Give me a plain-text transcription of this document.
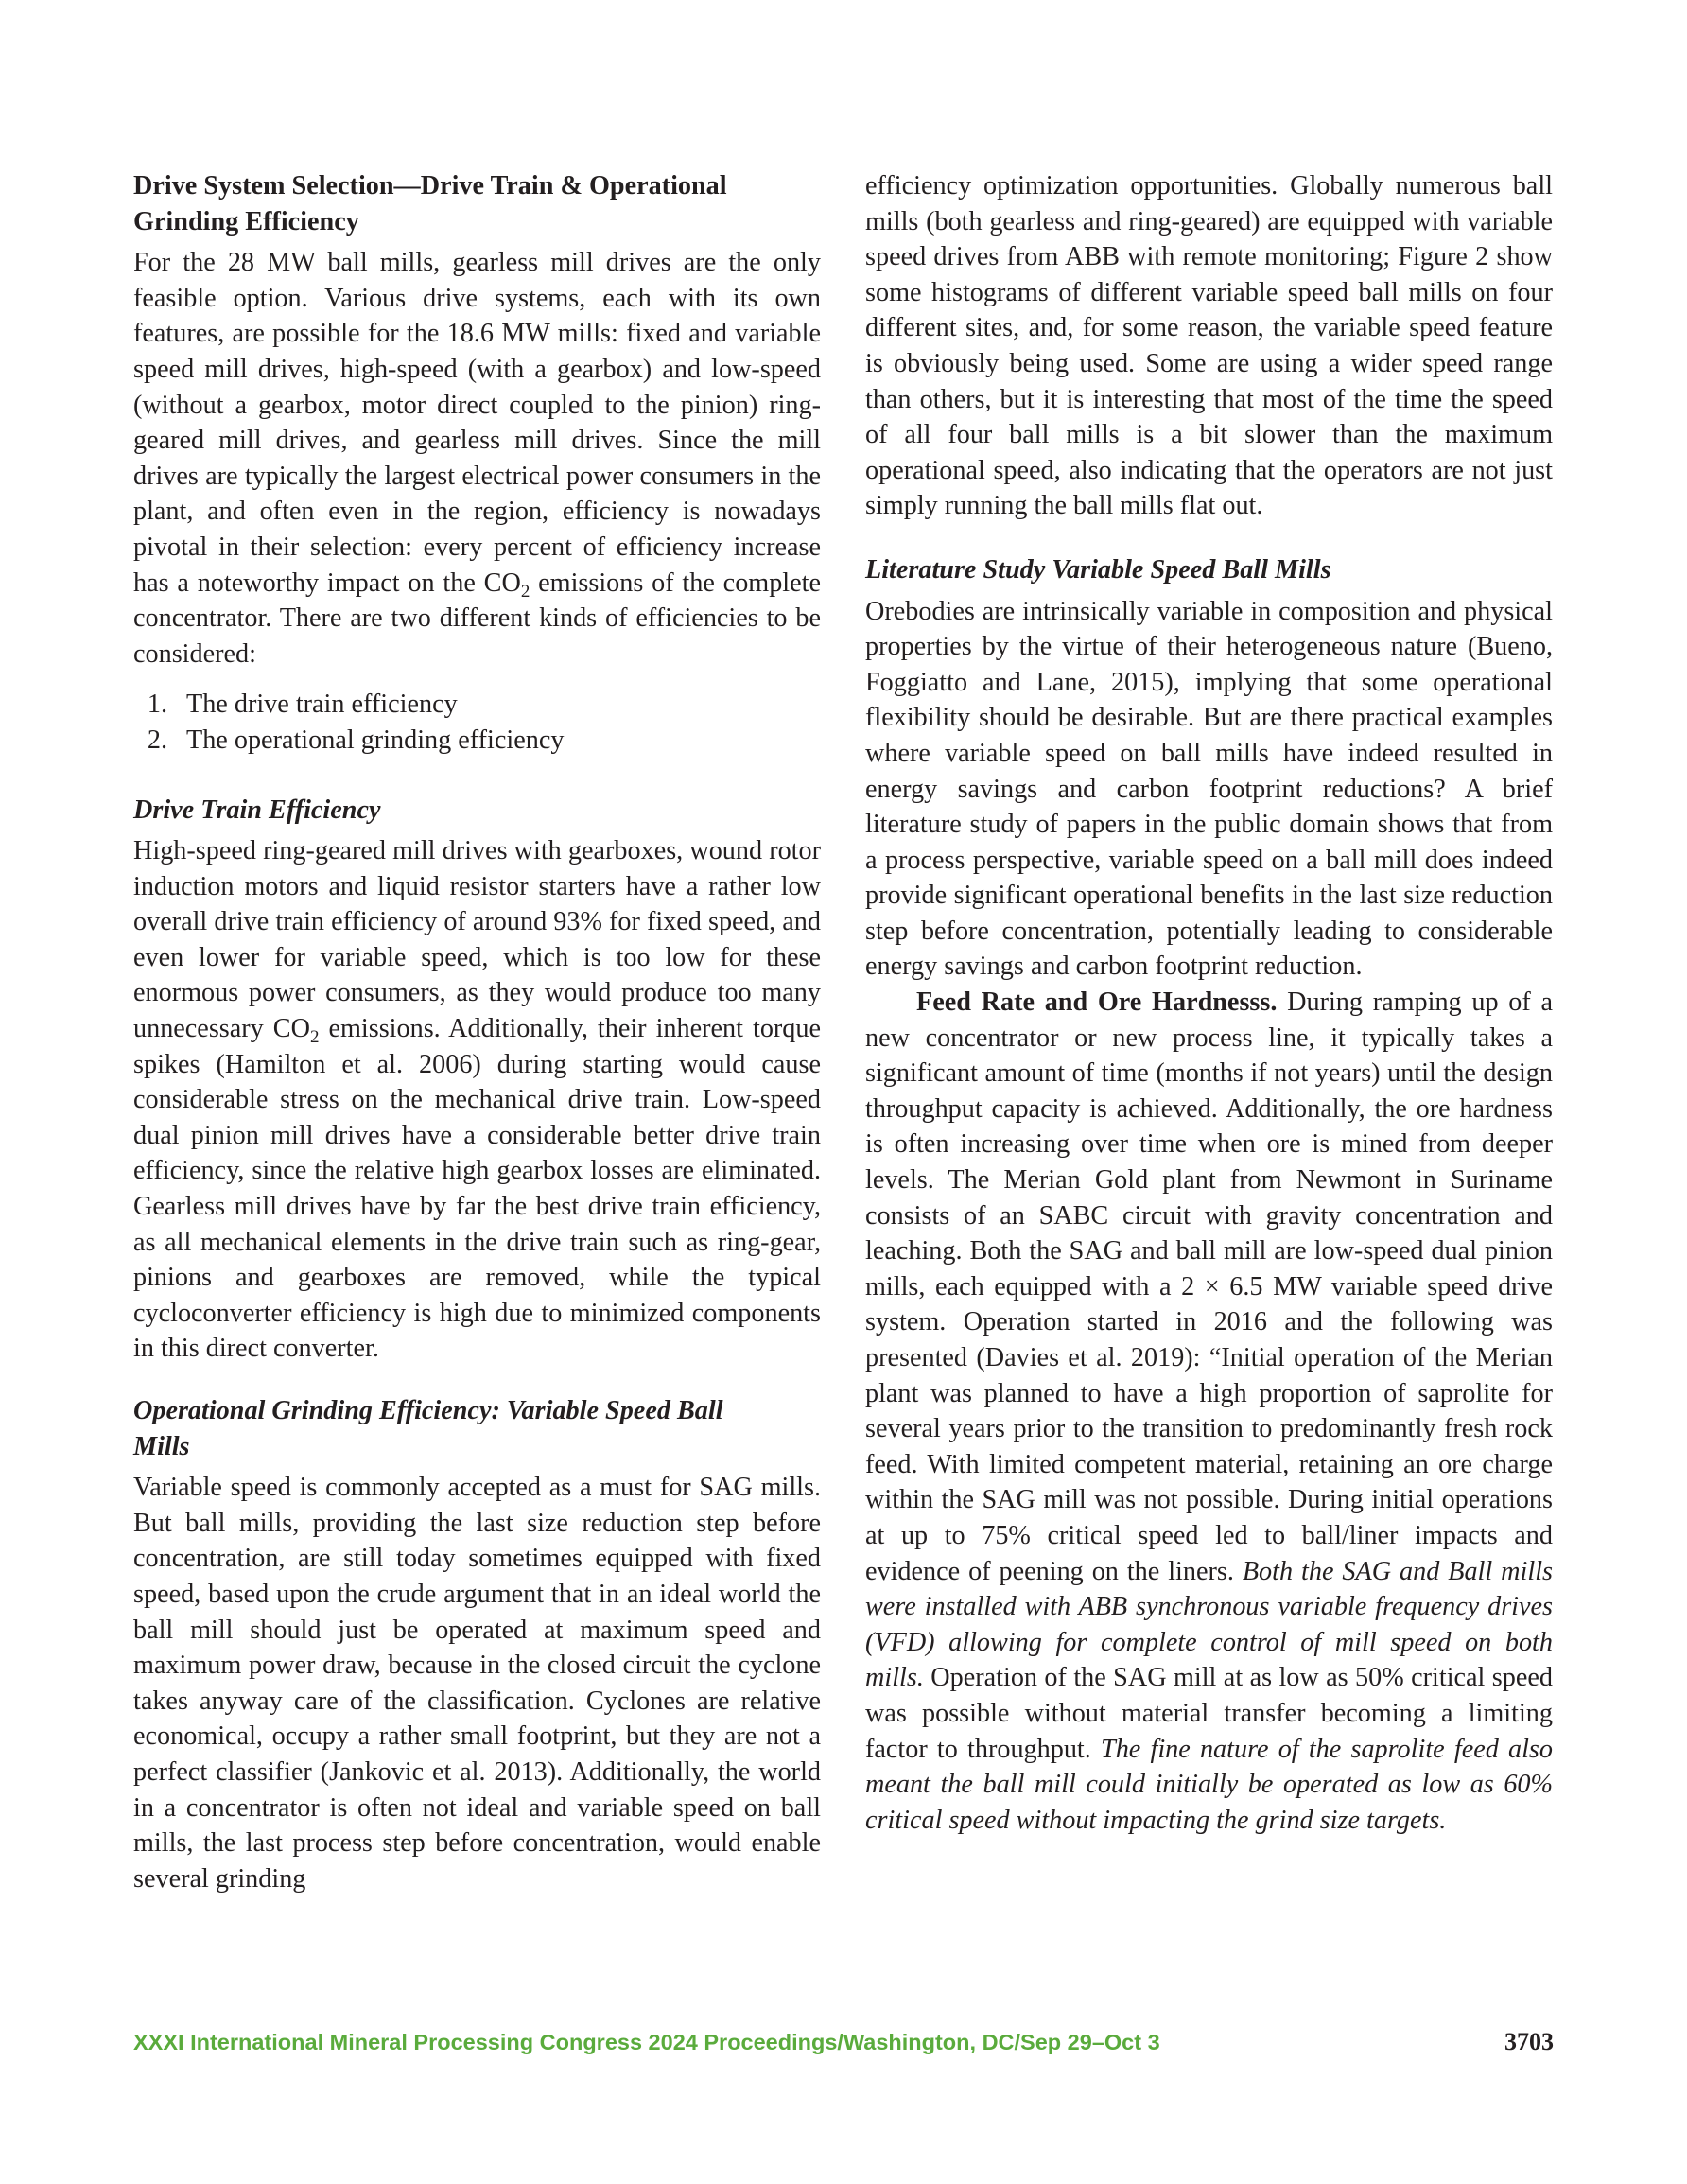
Drive System Selection—Drive Train & Operational Grinding Efficiency

For the 28 MW ball mills, gearless mill drives are the only feasible option. Various drive systems, each with its own features, are possible for the 18.6 MW mills: fixed and variable speed mill drives, high-speed (with a gearbox) and low-speed (without a gearbox, motor direct coupled to the pinion) ring-geared mill drives, and gearless mill drives. Since the mill drives are typically the largest electrical power consumers in the plant, and often even in the region, efficiency is nowadays pivotal in their selection: every percent of efficiency increase has a noteworthy impact on the $CO_2$ emissions of the complete concentrator. There are two different kinds of efficiencies to be considered:

1. The drive train efficiency
2. The operational grinding efficiency
Drive Train Efficiency

High-speed ring-geared mill drives with gearboxes, wound rotor induction motors and liquid resistor starters have a rather low overall drive train efficiency of around 93% for fixed speed, and even lower for variable speed, which is too low for these enormous power consumers, as they would produce too many unnecessary $CO_2$ emissions. Additionally, their inherent torque spikes (Hamilton et al. 2006) during starting would cause considerable stress on the mechanical drive train. Low-speed dual pinion mill drives have a considerable better drive train efficiency, since the relative high gearbox losses are eliminated. Gearless mill drives have by far the best drive train efficiency, as all mechanical elements in the drive train such as ring-gear, pinions and gearboxes are removed, while the typical cycloconverter efficiency is high due to minimized components in this direct converter.

Operational Grinding Efficiency: Variable Speed Ball Mills

Variable speed is commonly accepted as a must for SAG mills. But ball mills, providing the last size reduction step before concentration, are still today sometimes equipped with fixed speed, based upon the crude argument that in an ideal world the ball mill should just be operated at maximum speed and maximum power draw, because in the closed circuit the cyclone takes anyway care of the classification. Cyclones are relative economical, occupy a rather small footprint, but they are not a perfect classifier (Jankovic et al. 2013). Additionally, the world in a concentrator is often not ideal and variable speed on ball mills, the last process step before concentration, would enable several grinding

efficiency optimization opportunities. Globally numerous ball mills (both gearless and ring-geared) are equipped with variable speed drives from ABB with remote monitoring; Figure 2 show some histograms of different variable speed ball mills on four different sites, and, for some reason, the variable speed feature is obviously being used. Some are using a wider speed range than others, but it is interesting that most of the time the speed of all four ball mills is a bit slower than the maximum operational speed, also indicating that the operators are not just simply running the ball mills flat out.

Literature Study Variable Speed Ball Mills

Orebodies are intrinsically variable in composition and physical properties by the virtue of their heterogeneous nature (Bueno, Foggiatto and Lane, 2015), implying that some operational flexibility should be desirable. But are there practical examples where variable speed on ball mills have indeed resulted in energy savings and carbon footprint reductions? A brief literature study of papers in the public domain shows that from a process perspective, variable speed on a ball mill does indeed provide significant operational benefits in the last size reduction step before concentration, potentially leading to considerable energy savings and carbon footprint reduction.

Feed Rate and Ore Hardnesss. During ramping up of a new concentrator or new process line, it typically takes a significant amount of time (months if not years) until the design throughput capacity is achieved. Additionally, the ore hardness is often increasing over time when ore is mined from deeper levels. The Merian Gold plant from Newmont in Suriname consists of an SABC circuit with gravity concentration and leaching. Both the SAG and ball mill are low-speed dual pinion mills, each equipped with a 2 × 6.5 MW variable speed drive system. Operation started in 2016 and the following was presented (Davies et al. 2019): “Initial operation of the Merian plant was planned to have a high proportion of saprolite for several years prior to the transition to predominantly fresh rock feed. With limited competent material, retaining an ore charge within the SAG mill was not possible. During initial operations at up to 75% critical speed led to ball/liner impacts and evidence of peening on the liners. Both the SAG and Ball mills were installed with ABB synchronous variable frequency drives (VFD) allowing for complete control of mill speed on both mills. Operation of the SAG mill at as low as 50% critical speed was possible without material transfer becoming a limiting factor to throughput. The fine nature of the saprolite feed also meant the ball mill could initially be operated as low as 60% critical speed without impacting the grind size targets.

XXXI International Mineral Processing Congress 2024 Proceedings/Washington, DC/Sep 29–Oct 3	3703
